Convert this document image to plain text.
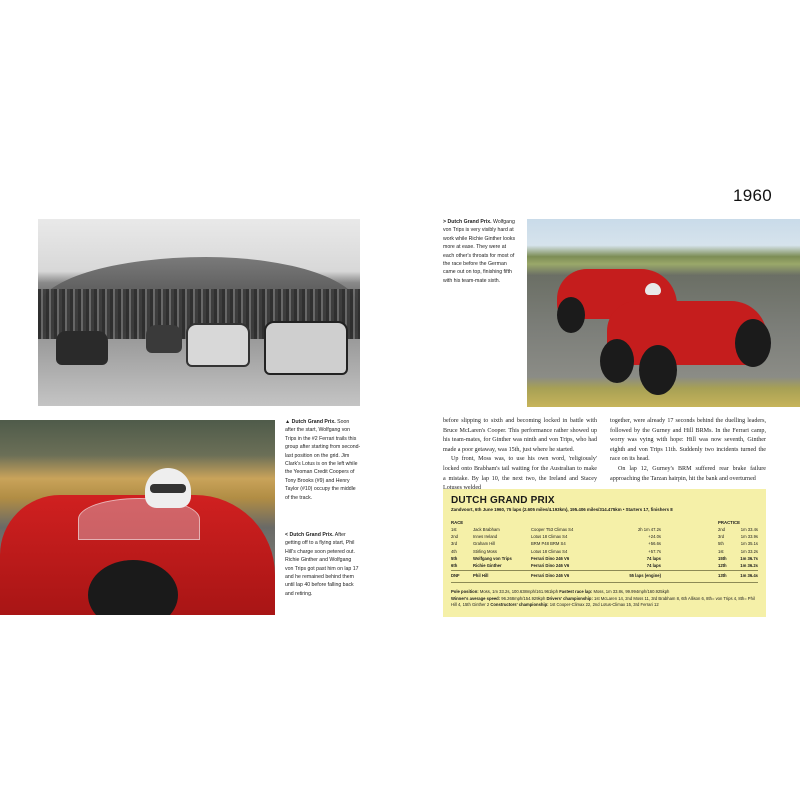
1960
> Dutch Grand Prix. Wolfgang von Trips is very visibly hard at work while Richie Ginther looks more at ease. They were at each other's throats for most of the race before the German came out on top, finishing fifth with his team-mate sixth.
▲ Dutch Grand Prix. Soon after the start, Wolfgang von Trips in the #2 Ferrari trails this group after starting from second-last position on the grid. Jim Clark's Lotus is on the left while the Yeoman Credit Coopers of Tony Brooks (#9) and Henry Taylor (#10) occupy the middle of the track.
< Dutch Grand Prix. After getting off to a flying start, Phil Hill's charge soon petered out. Richie Ginther and Wolfgang von Trips got past him on lap 17 and he remained behind them until lap 40 before falling back and retiring.
before slipping to sixth and becoming locked in battle with Bruce McLaren's Cooper. This performance rather showed up his team-mates, for Ginther was ninth and von Trips, who had made a poor getaway, was 15th, just where he started.
Up front, Moss was, to use his own word, 'religiously' locked onto Brabham's tail waiting for the Australian to make a mistake. By lap 10, the next two, the Ireland and Stacey
together, were already 17 seconds behind the duelling leaders, followed by the Gurney and Hill BRMs. In the Ferrari camp, worry was vying with hope: Hill was now seventh, Ginther eighth and von Trips 11th. Suddenly two incidents turned the race on its head.
On lap 12, Gurney's BRM suffered rear brake failure approaching the Tarzan hairpin, hit the bank and overturned
DUTCH GRAND PRIX
Zandvoort, 6th June 1960, 75 laps (2.605 miles/4.193km), 195.406 miles/314.475km • Starters 17, finishers 8
RACE	PRACTICE
1st	Jack Brabham	Cooper T53 Climax S4	2h 1m 47.2s	2nd	1m 33.4s
2nd	Innes Ireland	Lotus 18 Climax S4	+24.0s	3rd	1m 33.9s
3rd	Graham Hill	BRM P48 BRM S4	+56.6s	5th	1m 35.1s
4th	Stirling Moss	Lotus 18 Climax S4	+57.7s	1st	1m 33.2s
5th	Wolfgang von Trips	Ferrari Dino 246 V6	74 laps	15th	1m 36.7s
6th	Richie Ginther	Ferrari Dino 246 V6	74 laps	12th	1m 36.2s
DNF	Phil Hill	Ferrari Dino 246 V6	55 laps (engine)	13th	1m 36.4s
Pole position: Moss, 1m 33.2s, 100.638mph/161.961kph Fastest race lap: Moss, 1m 33.8s, 99.994mph/160.925kph
Winner's average speed: 96.268mph/154.929kph Drivers' championship: 1st McLaren 14, 2nd Moss 11, 3rd Brabham 8, 6th Allison 6, 8th= von Trips 4, 8th= Phil Hill 4, 15th Ginther 2 Constructors' championship: 1st Cooper-Climax 22, 2nd Lotus-Climax 15, 3rd Ferrari 12
